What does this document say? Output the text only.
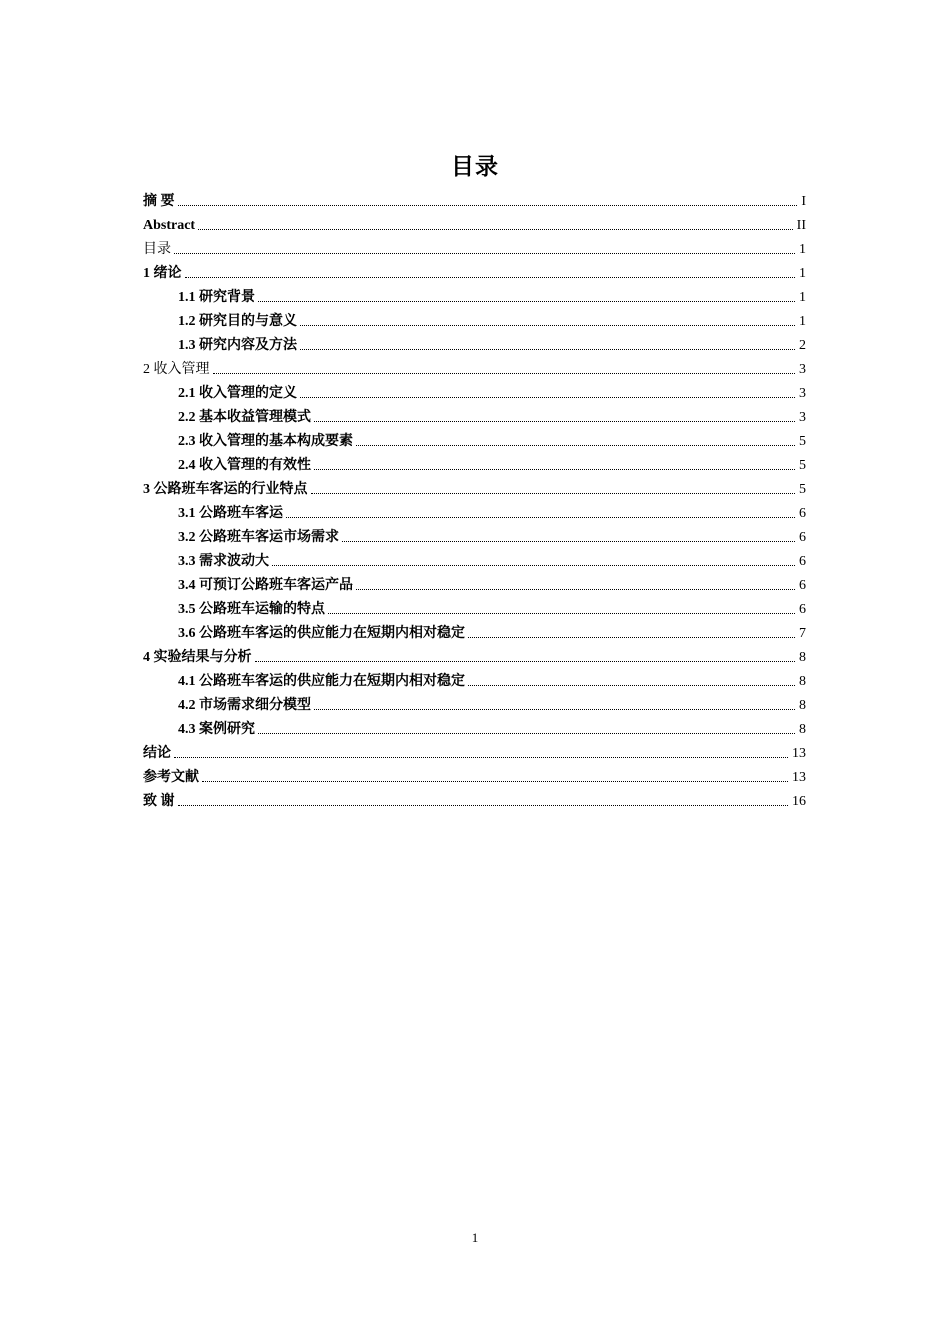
目录
摘 要	I
Abstract	II
目录	1
1 绪论	1
1.1 研究背景	1
1.2 研究目的与意义	1
1.3 研究内容及方法	2
2 收入管理	3
2.1 收入管理的定义	3
2.2 基本收益管理模式	3
2.3 收入管理的基本构成要素	5
2.4 收入管理的有效性	5
3 公路班车客运的行业特点	5
3.1 公路班车客运	6
3.2 公路班车客运市场需求	6
3.3 需求波动大	6
3.4 可预订公路班车客运产品	6
3.5 公路班车运输的特点	6
3.6 公路班车客运的供应能力在短期内相对稳定	7
4 实验结果与分析	8
4.1 公路班车客运的供应能力在短期内相对稳定	8
4.2 市场需求细分模型	8
4.3 案例研究	8
结论	13
参考文献	13
致 谢	16
1
